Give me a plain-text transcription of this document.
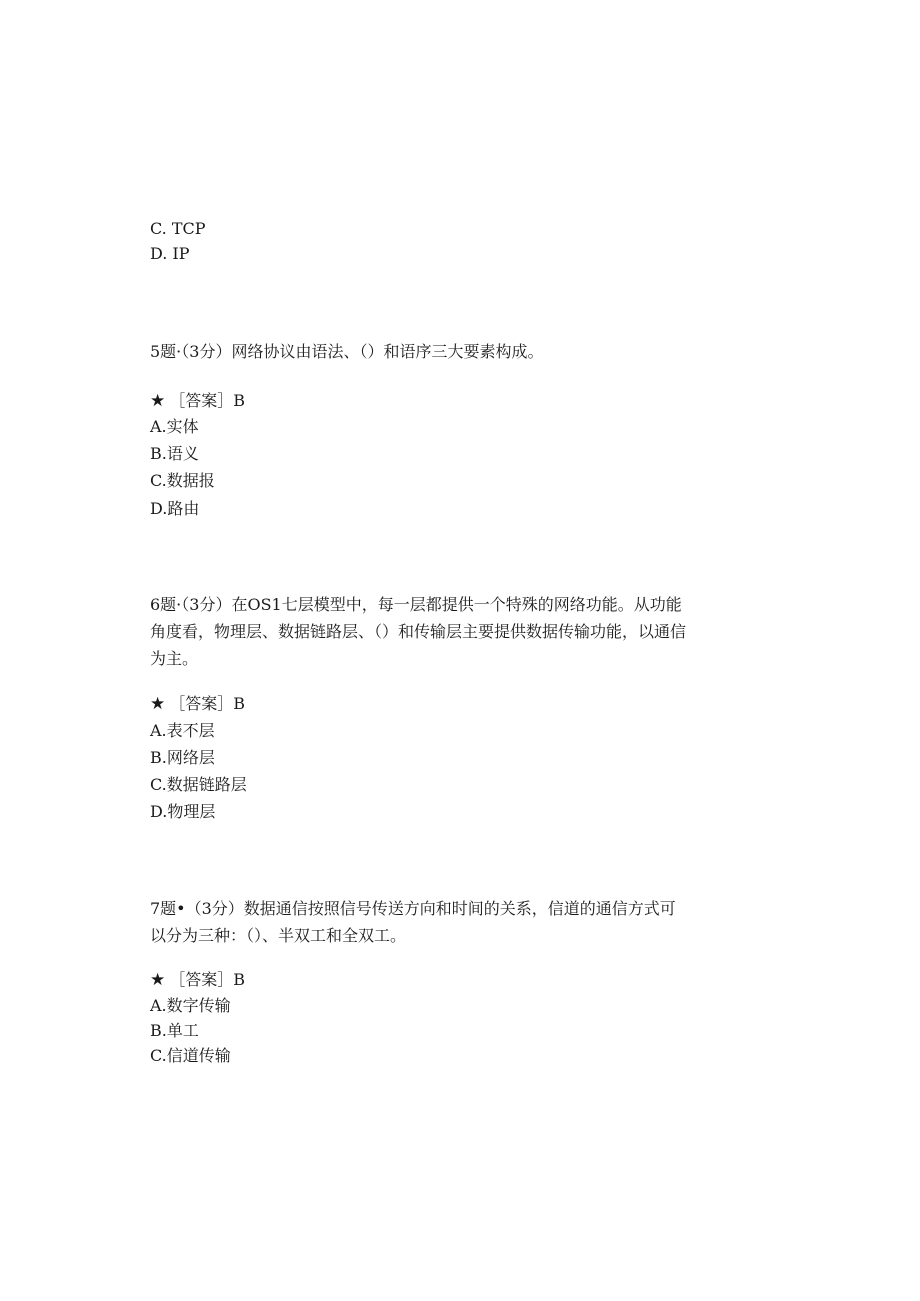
C. TCP
D. IP
5题·（3分）网络协议由语法、（）和语序三大要素构成。
★ ［答案］B
A.实体
B.语义
C.数据报
D.路由
6题·（3分）在OS1七层模型中，每一层都提供一个特殊的网络功能。从功能角度看，物理层、数据链路层、（）和传输层主要提供数据传输功能，以通信为主。
★ ［答案］B
A.表不层
B.网络层
C.数据链路层
D.物理层
7题•（3分）数据通信按照信号传送方向和时间的关系，信道的通信方式可以分为三种：（）、半双工和全双工。
★ ［答案］B
A.数字传输
B.单工
C.信道传输
